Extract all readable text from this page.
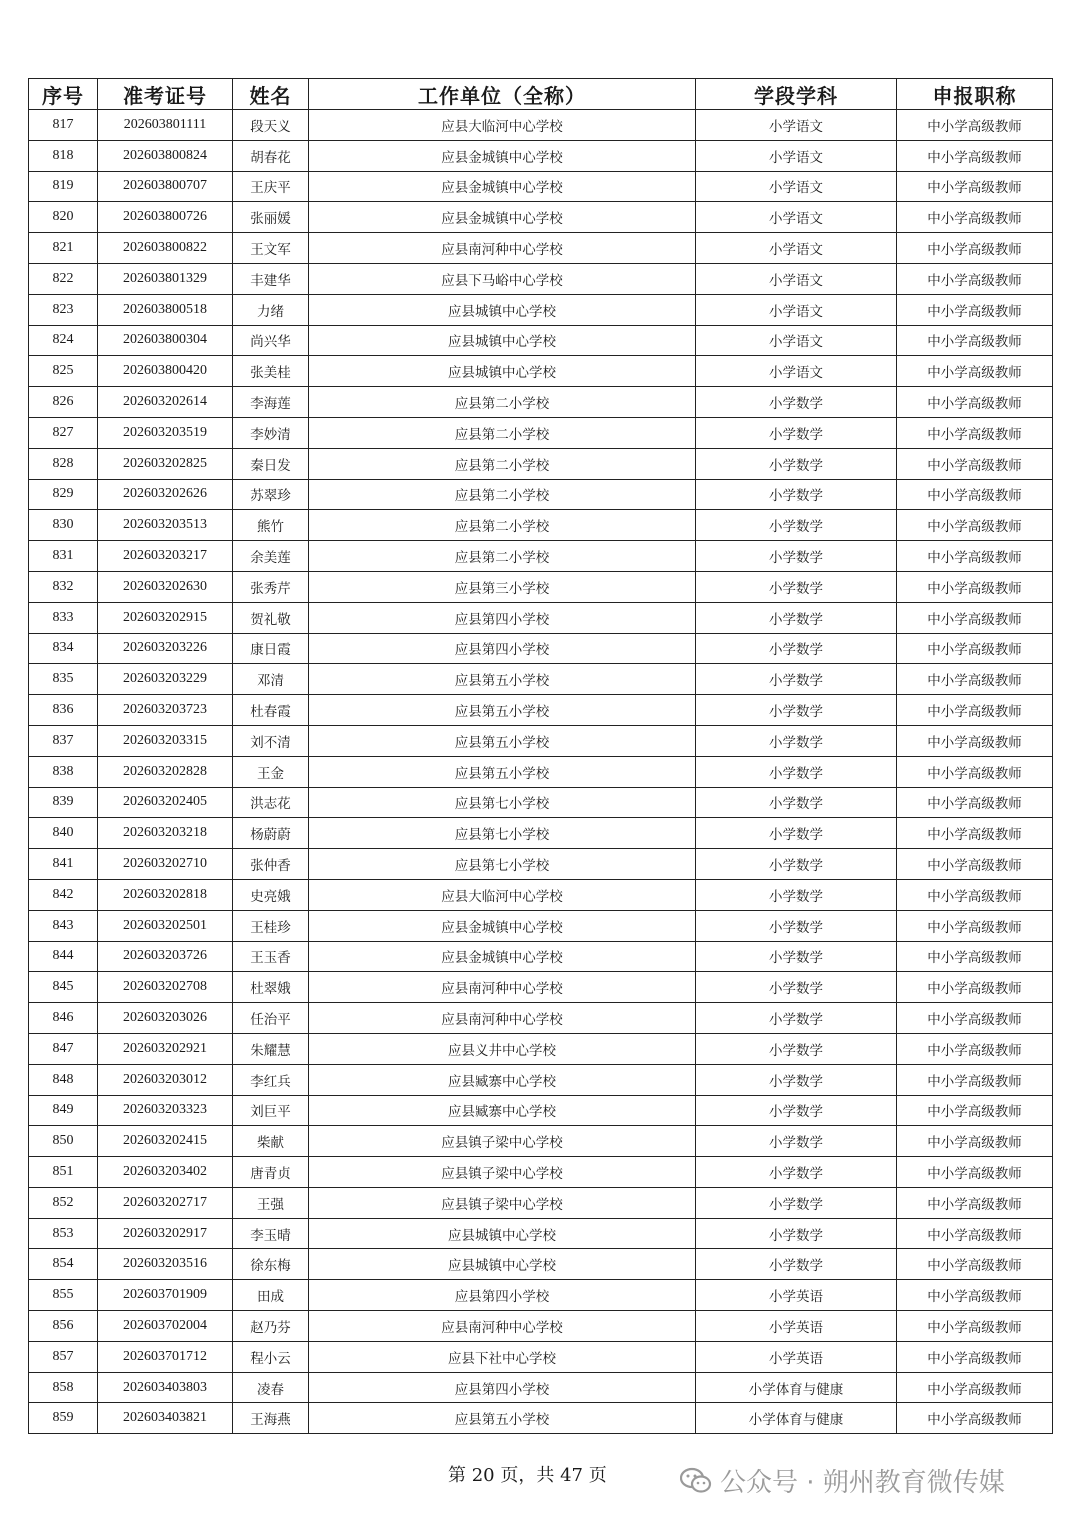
序号	准考证号	姓名	工作单位（全称）	学段学科	申报职称
817	202603801111	段天义	应县大临河中心学校	小学语文	中小学高级教师
818	202603800824	胡春花	应县金城镇中心学校	小学语文	中小学高级教师
819	202603800707	王庆平	应县金城镇中心学校	小学语文	中小学高级教师
820	202603800726	张丽媛	应县金城镇中心学校	小学语文	中小学高级教师
821	202603800822	王文军	应县南河种中心学校	小学语文	中小学高级教师
822	202603801329	丰建华	应县下马峪中心学校	小学语文	中小学高级教师
823	202603800518	力绪	应县城镇中心学校	小学语文	中小学高级教师
824	202603800304	尚兴华	应县城镇中心学校	小学语文	中小学高级教师
825	202603800420	张美桂	应县城镇中心学校	小学语文	中小学高级教师
826	202603202614	李海莲	应县第二小学校	小学数学	中小学高级教师
827	202603203519	李妙清	应县第二小学校	小学数学	中小学高级教师
828	202603202825	秦日发	应县第二小学校	小学数学	中小学高级教师
829	202603202626	苏翠珍	应县第二小学校	小学数学	中小学高级教师
830	202603203513	熊竹	应县第二小学校	小学数学	中小学高级教师
831	202603203217	余美莲	应县第二小学校	小学数学	中小学高级教师
832	202603202630	张秀芹	应县第三小学校	小学数学	中小学高级教师
833	202603202915	贺礼敬	应县第四小学校	小学数学	中小学高级教师
834	202603203226	康日霞	应县第四小学校	小学数学	中小学高级教师
835	202603203229	邓清	应县第五小学校	小学数学	中小学高级教师
836	202603203723	杜春霞	应县第五小学校	小学数学	中小学高级教师
837	202603203315	刘不清	应县第五小学校	小学数学	中小学高级教师
838	202603202828	王金	应县第五小学校	小学数学	中小学高级教师
839	202603202405	洪志花	应县第七小学校	小学数学	中小学高级教师
840	202603203218	杨蔚蔚	应县第七小学校	小学数学	中小学高级教师
841	202603202710	张仲香	应县第七小学校	小学数学	中小学高级教师
842	202603202818	史亮娥	应县大临河中心学校	小学数学	中小学高级教师
843	202603202501	王桂珍	应县金城镇中心学校	小学数学	中小学高级教师
844	202603203726	王玉香	应县金城镇中心学校	小学数学	中小学高级教师
845	202603202708	杜翠娥	应县南河种中心学校	小学数学	中小学高级教师
846	202603203026	任治平	应县南河种中心学校	小学数学	中小学高级教师
847	202603202921	朱耀慧	应县义井中心学校	小学数学	中小学高级教师
848	202603203012	李红兵	应县臧寨中心学校	小学数学	中小学高级教师
849	202603203323	刘巨平	应县臧寨中心学校	小学数学	中小学高级教师
850	202603202415	柴献	应县镇子梁中心学校	小学数学	中小学高级教师
851	202603203402	唐青贞	应县镇子梁中心学校	小学数学	中小学高级教师
852	202603202717	王强	应县镇子梁中心学校	小学数学	中小学高级教师
853	202603202917	李玉晴	应县城镇中心学校	小学数学	中小学高级教师
854	202603203516	徐东梅	应县城镇中心学校	小学数学	中小学高级教师
855	202603701909	田成	应县第四小学校	小学英语	中小学高级教师
856	202603702004	赵乃芬	应县南河种中心学校	小学英语	中小学高级教师
857	202603701712	程小云	应县下社中心学校	小学英语	中小学高级教师
858	202603403803	凌春	应县第四小学校	小学体育与健康	中小学高级教师
859	202603403821	王海燕	应县第五小学校	小学体育与健康	中小学高级教师
第 20 页，共 47 页	公众号 · 朔州教育微传媒
